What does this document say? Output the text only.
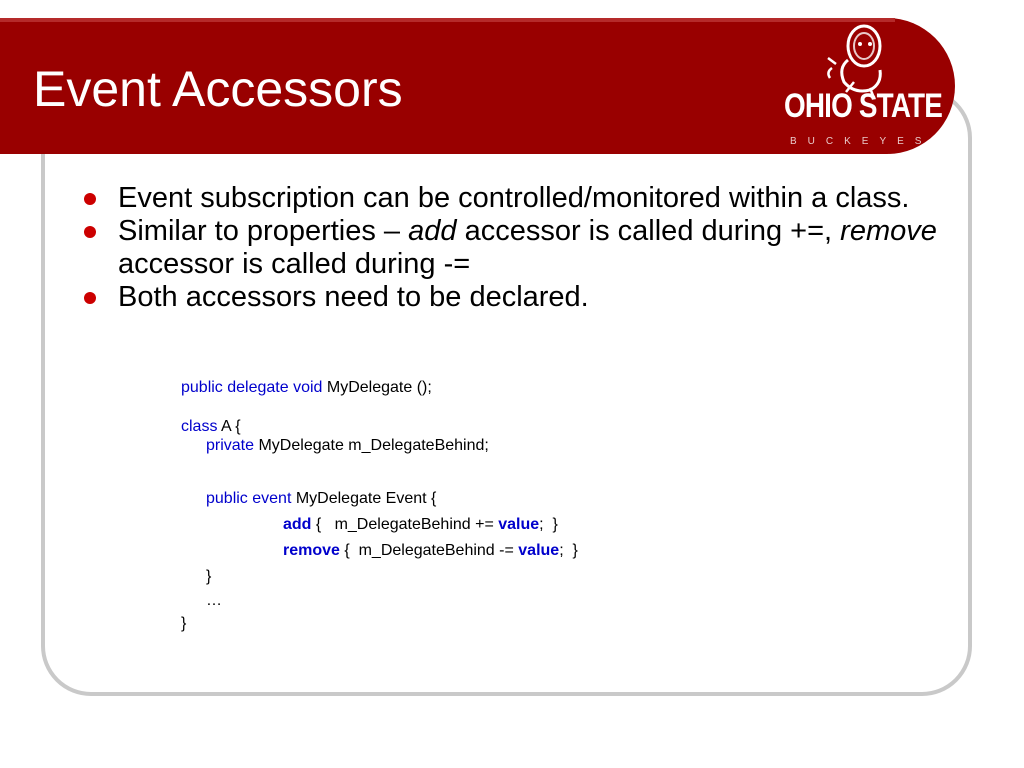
Event Accessors	OHIO STATE
BUCKEYES TM
Event subscription can be controlled/monitored within a class.
Similar to properties – add accessor is called during +=, remove accessor is called during -=
Both accessors need to be declared.

public delegate void MyDelegate ();

class A {

private MyDelegate m_DelegateBehind;

public event MyDelegate Event {

add {   m_DelegateBehind += value;  }

remove {  m_DelegateBehind -= value;  }

}

…

}
